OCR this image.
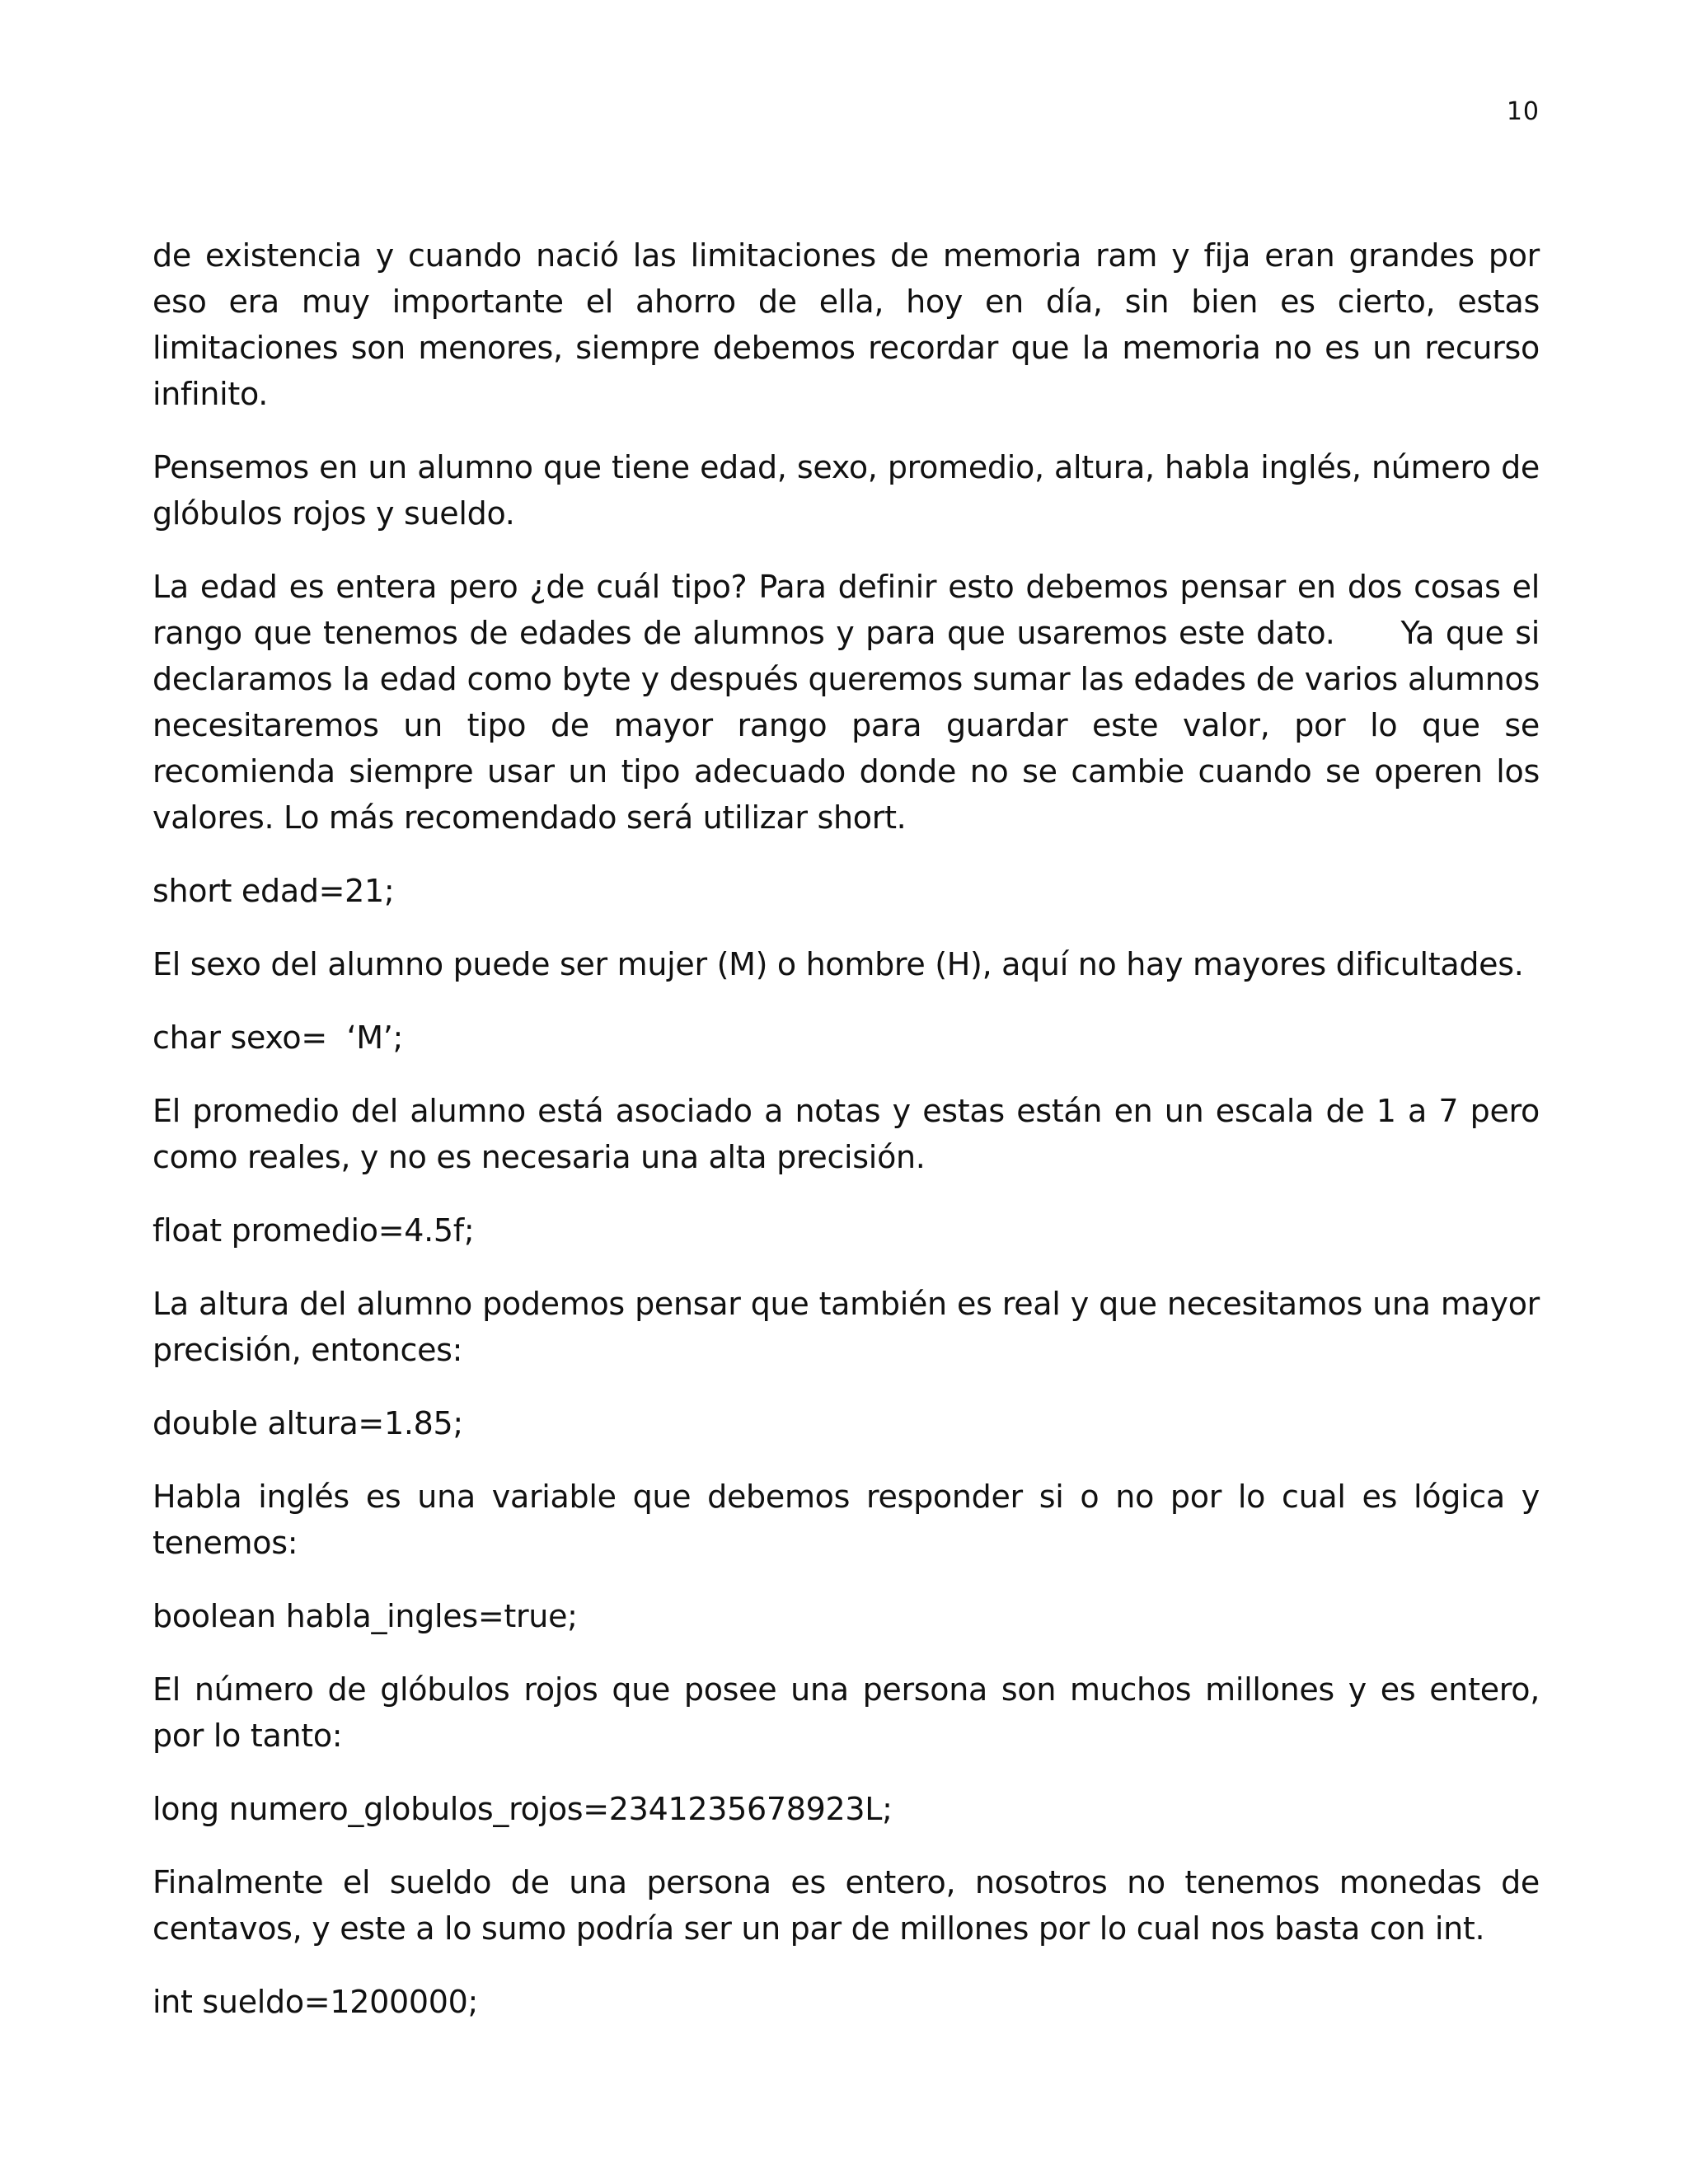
10

de existencia y cuando nació las limitaciones de memoria ram y fija eran grandes por eso era muy importante el ahorro de ella, hoy en día, sin bien es cierto, estas limitaciones son menores, siempre debemos recordar que la memoria no es un recurso infinito.

Pensemos en un alumno que tiene edad, sexo, promedio, altura, habla inglés, número de glóbulos rojos y sueldo.

La edad es entera pero ¿de cuál tipo? Para definir esto debemos pensar en dos cosas el rango que tenemos de edades de alumnos y para que usaremos este dato. Ya que si declaramos la edad como byte y después queremos sumar las edades de varios alumnos necesitaremos un tipo de mayor rango para guardar este valor, por lo que se recomienda siempre usar un tipo adecuado donde no se cambie cuando se operen los valores. Lo más recomendado será utilizar short.

short edad=21;

El sexo del alumno puede ser mujer (M) o hombre (H), aquí no hay mayores dificultades.

char sexo=  ‘M’;

El promedio del alumno está asociado a notas y estas están en un escala de 1 a 7 pero como reales, y no es necesaria una alta precisión.

float promedio=4.5f;

La altura del alumno podemos pensar que también es real y que necesitamos una mayor precisión, entonces:

double altura=1.85;

Habla inglés es una variable que debemos responder si o no por lo cual es lógica y tenemos:

boolean habla_ingles=true;

El número de glóbulos rojos que posee una persona son muchos millones y es entero, por lo tanto:

long numero_globulos_rojos=2341235678923L;

Finalmente el sueldo de una persona es entero, nosotros no tenemos monedas de centavos, y este a lo sumo podría ser un par de millones por lo cual nos basta con int.

int sueldo=1200000;
